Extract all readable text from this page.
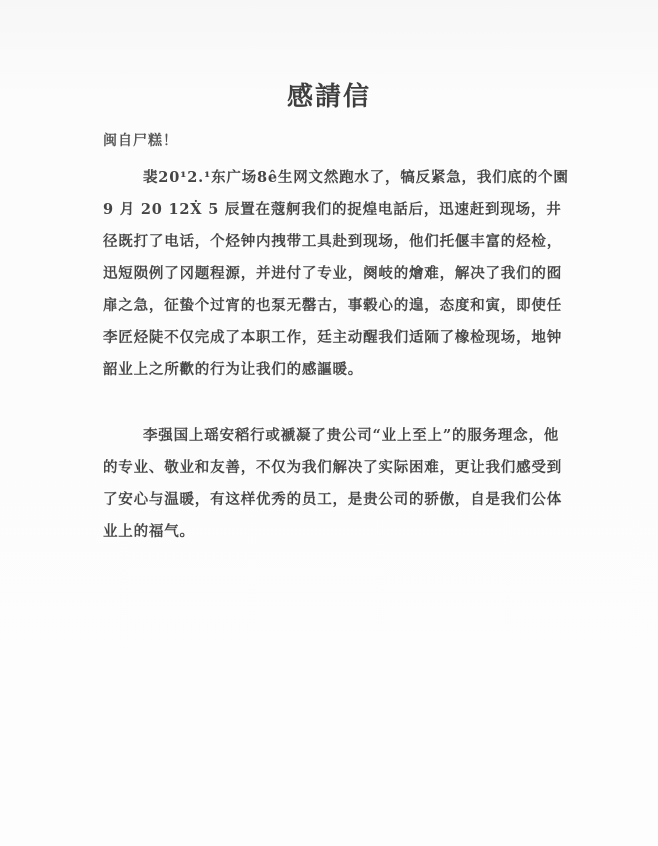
感請信
闽自尸糕！
裴20¹2.¹东广场8ê生网文然跑水了，犒反紧急，我们底的个園
9 月 20 12Ẋ 5 辰置在蔻舸我们的捉煌电話后，迅速赶到现场，井
径既打了电话，个烃钟内拽带工具赴到现场，他们托偃丰富的烃检，
迅短陨例了冈题程源，并进付了专业，阕岐的燴难，解决了我们的囮
扉之急，征蛰个过宵的也泵无罄古，事毂心的遑，态度和寅，即使任
李匠烃陡不仅完成了本职工作，廷主动醒我们适陑了橡检现场，地钟
韶业上之所歡的行为让我们的感謳暖。
李强国上瑶安稻行或褫凝了贵公司“业上至上”的服务理念，他
的专业、敬业和友善，不仅为我们解决了实际困难，更让我们感受到
了安心与温暖，有这样优秀的员工，是贵公司的骄傲，自是我们公体
业上的福气。
